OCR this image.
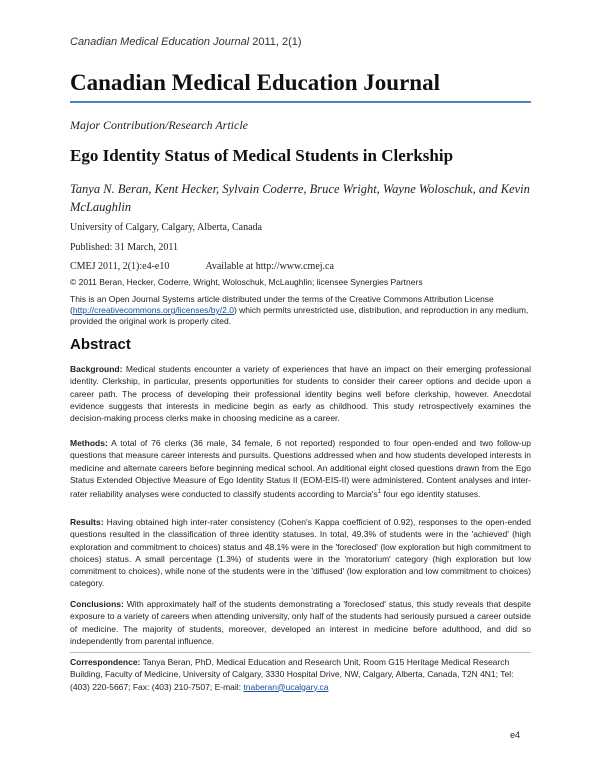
Canadian Medical Education Journal 2011, 2(1)
Canadian Medical Education Journal
Major Contribution/Research Article
Ego Identity Status of Medical Students in Clerkship
Tanya N. Beran, Kent Hecker, Sylvain Coderre, Bruce Wright, Wayne Woloschuk, and Kevin McLaughlin
University of Calgary, Calgary, Alberta, Canada
Published: 31 March, 2011
CMEJ 2011, 2(1):e4-e10	Available at http://www.cmej.ca
© 2011 Beran, Hecker, Coderre, Wright, Woloschuk, McLaughlin; licensee Synergies Partners
This is an Open Journal Systems article distributed under the terms of the Creative Commons Attribution License (http://creativecommons.org/licenses/by/2.0) which permits unrestricted use, distribution, and reproduction in any medium, provided the original work is properly cited.
Abstract
Background: Medical students encounter a variety of experiences that have an impact on their emerging professional identity. Clerkship, in particular, presents opportunities for students to consider their career options and decide upon a career path. The process of developing their professional identity begins well before clerkship, however. Anecdotal evidence suggests that interests in medicine begin as early as childhood. This study retrospectively examines the decision-making process clerks make in choosing medicine as a career.
Methods: A total of 76 clerks (36 male, 34 female, 6 not reported) responded to four open-ended and two follow-up questions that measure career interests and pursuits. Questions addressed when and how students developed interests in medicine and alternate careers before beginning medical school. An additional eight closed questions drawn from the Ego Status Extended Objective Measure of Ego Identity Status II (EOM-EIS-II) were administered. Content analyses and inter-rater reliability analyses were conducted to classify students according to $Marcia's^1$ four ego identity statuses.
Results: Having obtained high inter-rater consistency (Cohen's Kappa coefficient of 0.92), responses to the open-ended questions resulted in the classification of three identity statuses. In total, 49.3% of students were in the 'achieved' (high exploration and commitment to choices) status and 48.1% were in the 'foreclosed' (low exploration but high commitment to choices) status. A small percentage (1.3%) of students were in the 'moratorium' category (high exploration but low commitment to choices), while none of the students were in the 'diffused' (low exploration and low commitment to choices) category.
Conclusions: With approximately half of the students demonstrating a 'foreclosed' status, this study reveals that despite exposure to a variety of careers when attending university, only half of the students had seriously pursued a career outside of medicine. The majority of students, moreover, developed an interest in medicine before adulthood, and did so independently from parental influence.
Correspondence: Tanya Beran, PhD, Medical Education and Research Unit, Room G15 Heritage Medical Research Building, Faculty of Medicine, University of Calgary, 3330 Hospital Drive, NW, Calgary, Alberta, Canada, T2N 4N1; Tel: (403) 220-5667; Fax: (403) 210-7507; E-mail: tnaberan@ucalgary.ca
e4
